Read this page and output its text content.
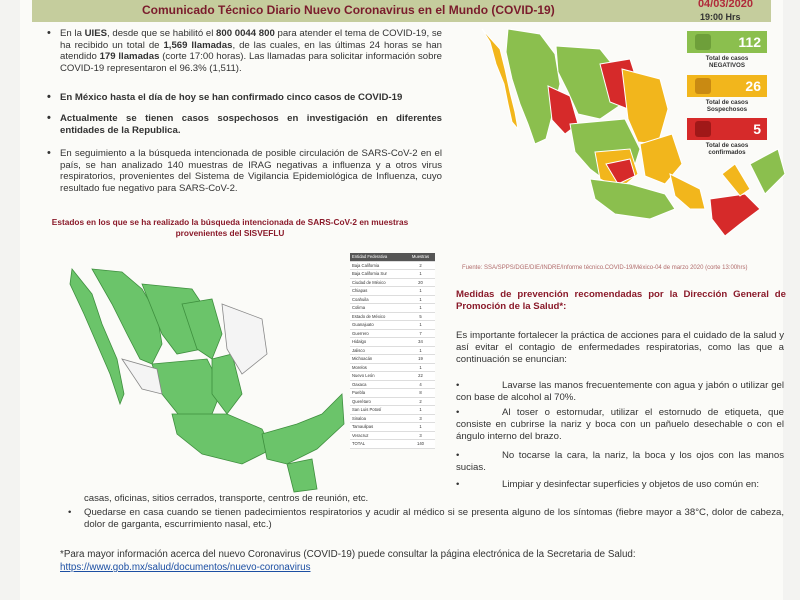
Comunicado Técnico Diario Nuevo Coronavirus en el Mundo (COVID-19)	04/03/2020
19:00 Hrs
• En la UIES, desde que se habilitó el 800 0044 800 para atender el tema de COVID-19, se ha recibido un total de 1,569 llamadas, de las cuales, en las últimas 24 horas se han atendido 179 llamadas (corte 17:00 horas). Las llamadas para solicitar información sobre COVID-19 representaron el 96.3% (1,511).
• En México hasta el día de hoy se han confirmado cinco casos de COVID-19
• Actualmente se tienen casos sospechosos en investigación en diferentes entidades de la Republica.
• En seguimiento a la búsqueda intencionada de posible circulación de SARS-CoV-2 en el país, se han analizado 140 muestras de IRAG negativas a influenza y a otros virus respiratorios, provenientes del Sistema de Vigilancia Epidemiológica de Influenza, cuyo resultado fue negativo para SARS-CoV-2.
Estados en los que se ha realizado la búsqueda intencionada de SARS-CoV-2 en muestras provenientes del SISVEFLU
112
Total de casos NEGATIVOS
26
Total de casos Sospechosos
5
Total de casos confirmados
Fuente: SSA/SPPS/DGE/DIE/INDRE/Informe técnico.COVID-19/México-04 de marzo 2020 (corte 13:00hrs)
Entidad Federativa	Muestras
Baja California	2
Baja California Sur	1
Ciudad de México	20
Chiapas	1
Coahuila	1
Colima	1
Estado de México	5
Guanajuato	1
Guerrero	7
Hidalgo	34
Jalisco	1
Michoacán	19
Morelos	1
Nuevo León	22
Oaxaca	4
Puebla	8
Querétaro	2
San Luis Potosí	1
Sinaloa	3
Tamaulipas	1
Veracruz	3
TOTAL	140
Medidas de prevención recomendadas por la Dirección General de Promoción de la Salud*:
Es importante fortalecer la práctica de acciones para el cuidado de la salud y así evitar el contagio de enfermedades respiratorias, como las que a continuación se enuncian:
•	Lavarse las manos frecuentemente con agua y jabón o utilizar gel con base de alcohol al 70%.
•	Al toser o estornudar, utilizar el estornudo de etiqueta, que consiste en cubrirse la nariz y boca con un pañuelo desechable o con el ángulo interno del brazo.
•	No tocarse la cara, la nariz, la boca y los ojos con las manos sucias.
•	Limpiar y desinfectar superficies y objetos de uso común en:
casas, oficinas, sitios cerrados, transporte, centros de reunión, etc.
• Quedarse en casa cuando se tienen padecimientos respiratorios y acudir al médico si se presenta alguno de los síntomas (fiebre mayor a 38°C, dolor de cabeza, dolor de garganta, escurrimiento nasal, etc.)
*Para mayor información acerca del nuevo Coronavirus (COVID-19) puede consultar la página electrónica de la Secretaria de Salud:
https://www.gob.mx/salud/documentos/nuevo-coronavirus
